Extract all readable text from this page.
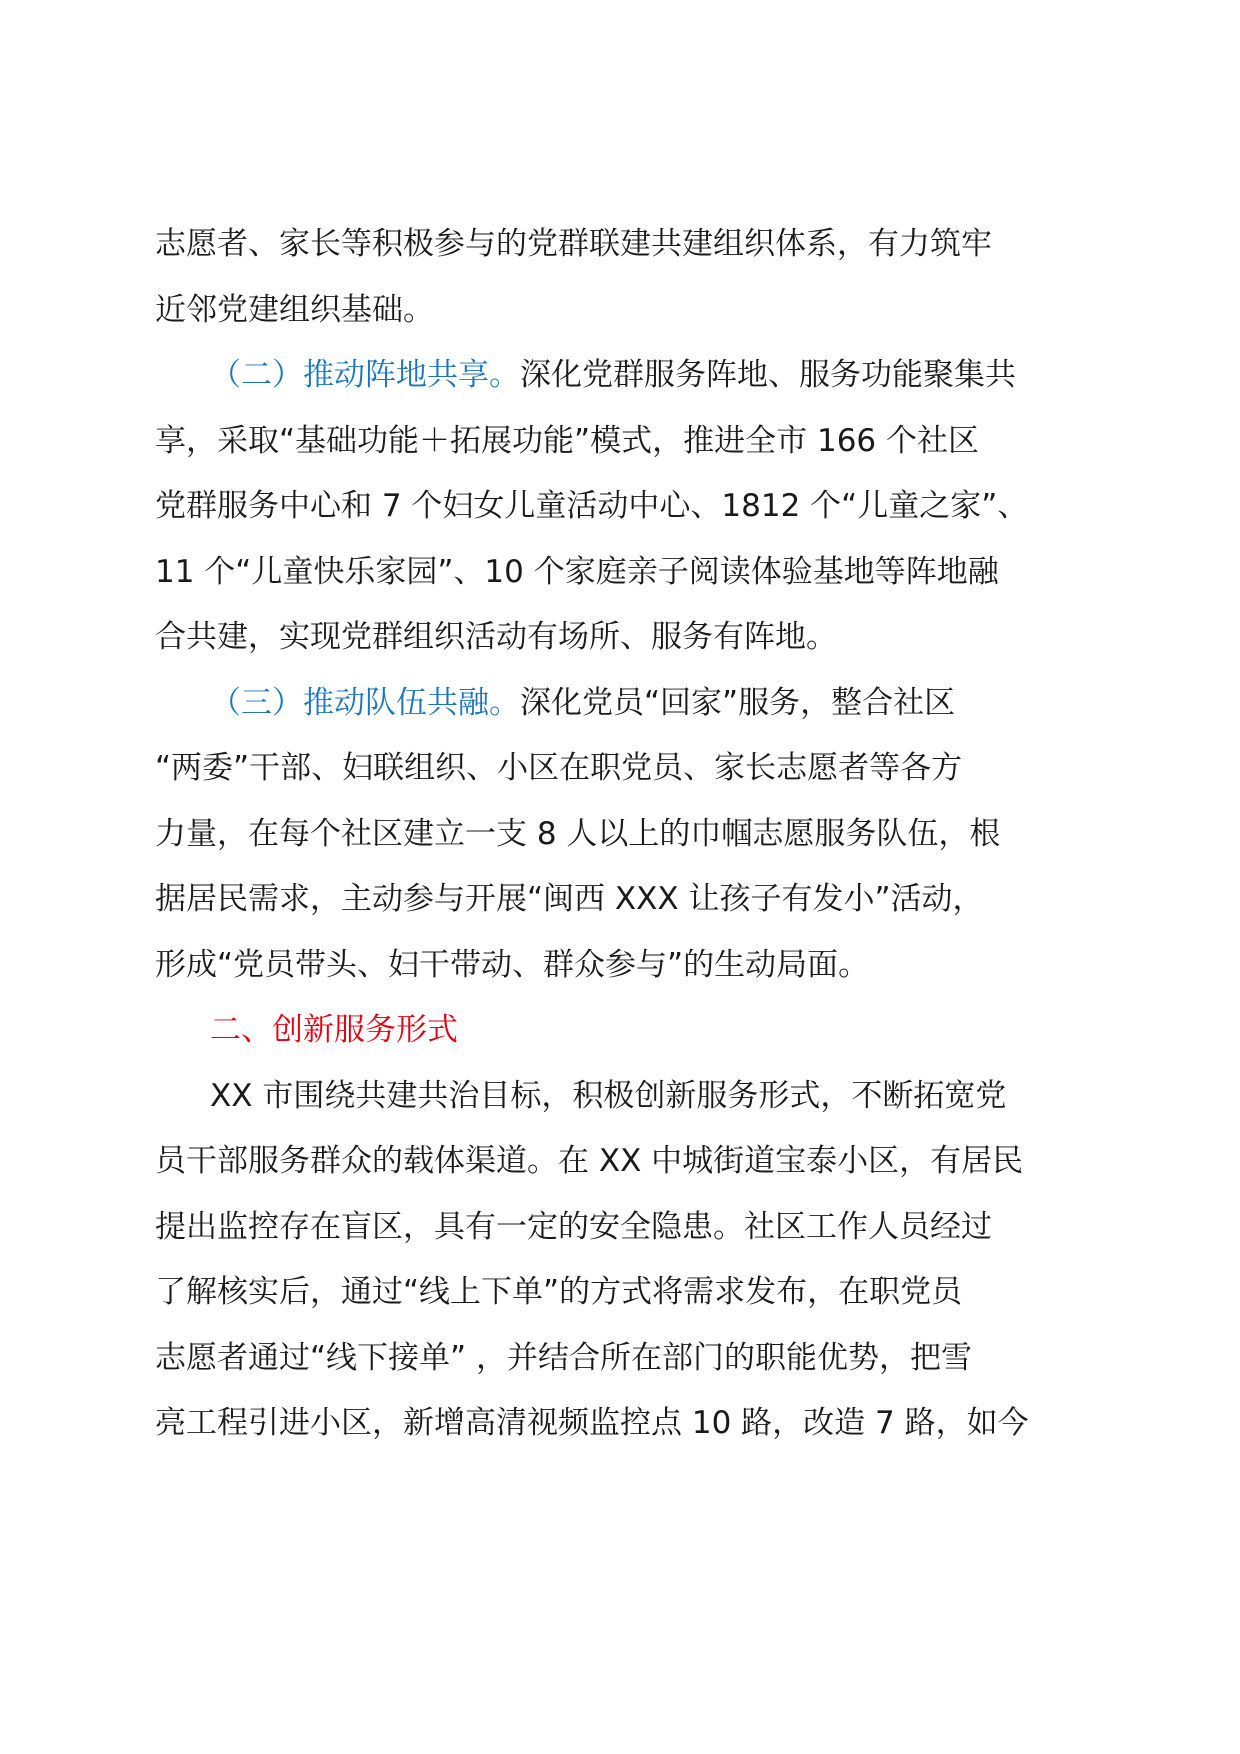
志愿者、家长等积极参与的党群联建共建组织体系，有力筑牢
近邻党建组织基础。
（二）推动阵地共享。深化党群服务阵地、服务功能聚集共
享，采取“基础功能＋拓展功能”模式，推进全市 166 个社区
党群服务中心和 7 个妇女儿童活动中心、1812 个“儿童之家”、
11 个“儿童快乐家园”、10 个家庭亲子阅读体验基地等阵地融
合共建，实现党群组织活动有场所、服务有阵地。
（三）推动队伍共融。深化党员“回家”服务，整合社区
“两委”干部、妇联组织、小区在职党员、家长志愿者等各方
力量，在每个社区建立一支 8 人以上的巾帼志愿服务队伍，根
据居民需求，主动参与开展“闽西 XXX 让孩子有发小”活动，
形成“党员带头、妇干带动、群众参与”的生动局面。
二、创新服务形式
XX 市围绕共建共治目标，积极创新服务形式，不断拓宽党
员干部服务群众的载体渠道。在 XX 中城街道宝泰小区，有居民
提出监控存在盲区，具有一定的安全隐患。社区工作人员经过
了解核实后，通过“线上下单”的方式将需求发布，在职党员
志愿者通过“线下接单” ，并结合所在部门的职能优势，把雪
亮工程引进小区，新增高清视频监控点 10 路，改造 7 路，如今
